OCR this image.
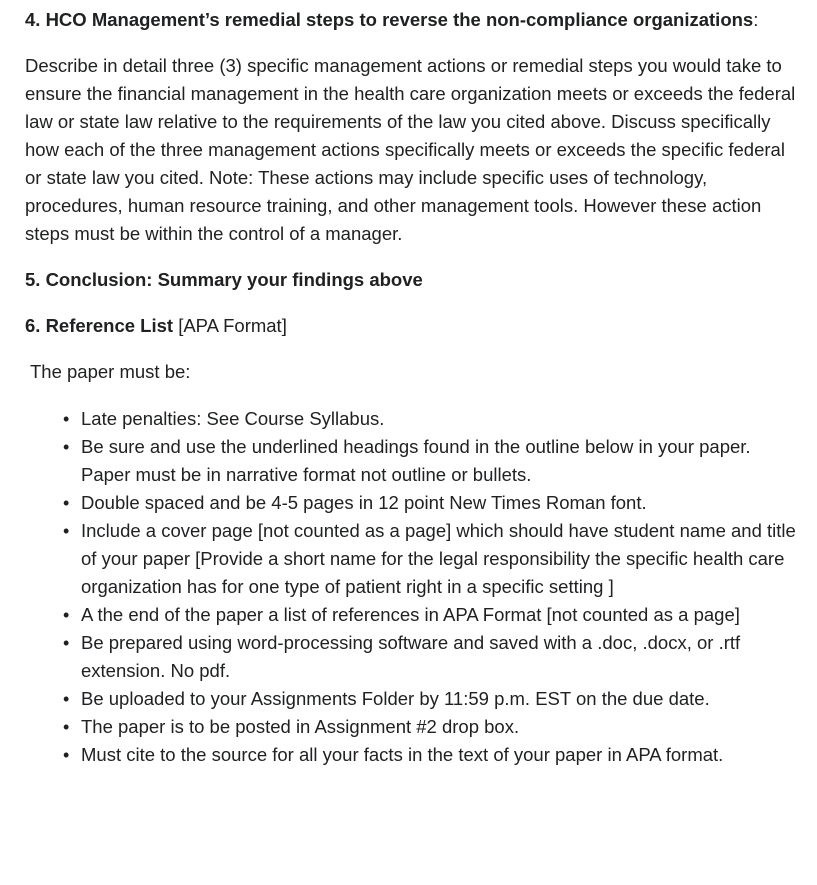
4. HCO Management’s remedial steps to reverse the non-compliance organizations:

Describe in detail three (3) specific management actions or remedial steps you would take to ensure the financial management in the health care organization meets or exceeds the federal law or state law relative to the requirements of the law you cited above. Discuss specifically how each of the three management actions specifically meets or exceeds the specific federal or state law you cited. Note: These actions may include specific uses of technology, procedures, human resource training, and other management tools. However these action steps must be within the control of a manager.

5. Conclusion: Summary your findings above

6. Reference List [APA Format]

The paper must be:

• Late penalties: See Course Syllabus.
• Be sure and use the underlined headings found in the outline below in your paper. Paper must be in narrative format not outline or bullets.
• Double spaced and be 4-5 pages in 12 point New Times Roman font.
• Include a cover page [not counted as a page] which should have student name and title of your paper [Provide a short name for the legal responsibility the specific health care organization has for one type of patient right in a specific setting ]
• A the end of the paper a list of references in APA Format [not counted as a page]
• Be prepared using word-processing software and saved with a .doc, .docx, or .rtf extension. No pdf.
• Be uploaded to your Assignments Folder by 11:59 p.m. EST on the due date.
• The paper is to be posted in Assignment #2 drop box.
• Must cite to the source for all your facts in the text of your paper in APA format.
